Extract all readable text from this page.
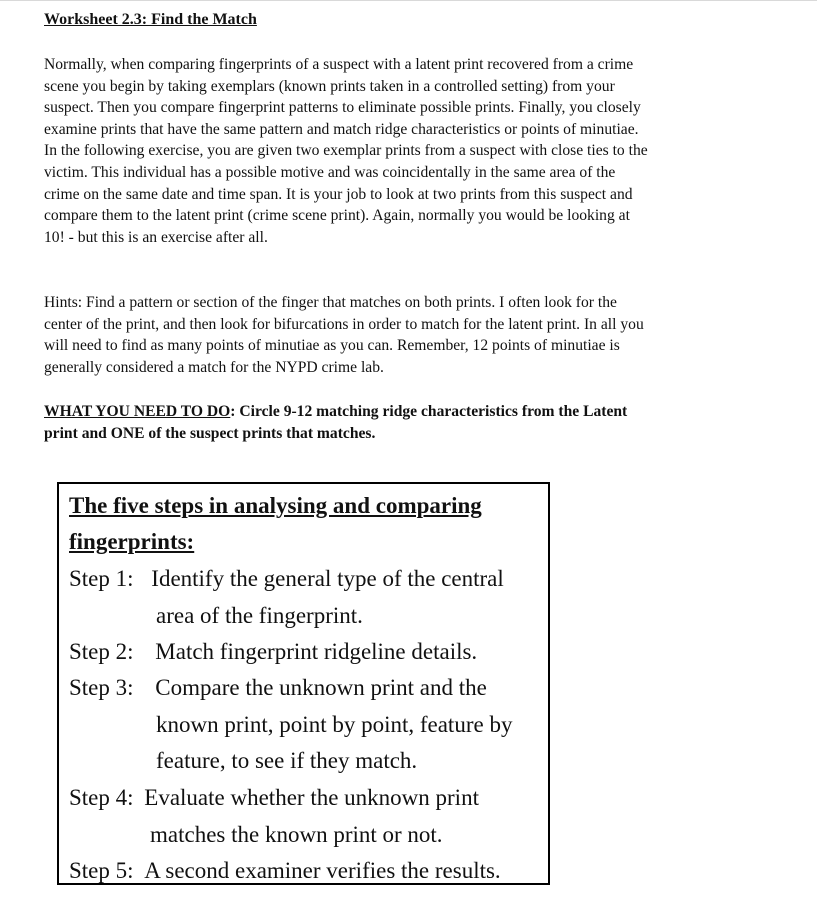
Worksheet 2.3: Find the Match
Normally, when comparing fingerprints of a suspect with a latent print recovered from a crime
scene you begin by taking exemplars (known prints taken in a controlled setting) from your
suspect. Then you compare fingerprint patterns to eliminate possible prints. Finally, you closely
examine prints that have the same pattern and match ridge characteristics or points of minutiae.
In the following exercise, you are given two exemplar prints from a suspect with close ties to the
victim. This individual has a possible motive and was coincidentally in the same area of the
crime on the same date and time span. It is your job to look at two prints from this suspect and
compare them to the latent print (crime scene print). Again, normally you would be looking at
10! - but this is an exercise after all.
Hints: Find a pattern or section of the finger that matches on both prints. I often look for the
center of the print, and then look for bifurcations in order to match for the latent print. In all you
will need to find as many points of minutiae as you can. Remember, 12 points of minutiae is
generally considered a match for the NYPD crime lab.
WHAT YOU NEED TO DO: Circle 9-12 matching ridge characteristics from the Latent
print and ONE of the suspect prints that matches.
The five steps in analysing and comparing
fingerprints:
Step 1: Identify the general type of the central
area of the fingerprint.
Step 2: Match fingerprint ridgeline details.
Step 3: Compare the unknown print and the
known print, point by point, feature by
feature, to see if they match.
Step 4: Evaluate whether the unknown print
matches the known print or not.
Step 5: A second examiner verifies the results.
